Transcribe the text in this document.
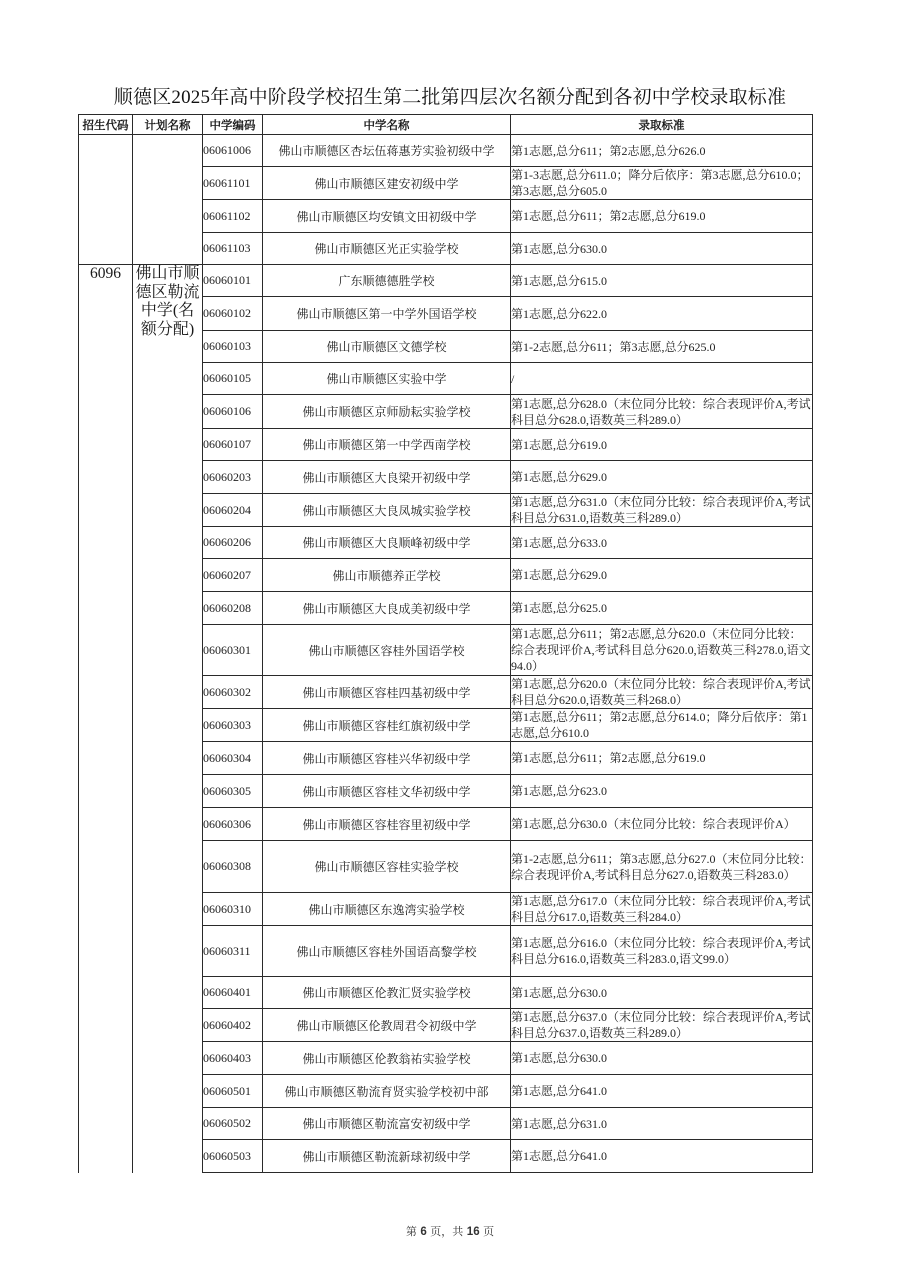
顺德区2025年高中阶段学校招生第二批第四层次名额分配到各初中学校录取标准
招生代码	计划名称	中学编码	中学名称	录取标准
		06061006	佛山市顺德区杏坛伍蒋惠芳实验初级中学	第1志愿,总分611；第2志愿,总分626.0
		06061101	佛山市顺德区建安初级中学	第1-3志愿,总分611.0；降分后依序：第3志愿,总分610.0；第3志愿,总分605.0
		06061102	佛山市顺德区均安镇文田初级中学	第1志愿,总分611；第2志愿,总分619.0
		06061103	佛山市顺德区光正实验学校	第1志愿,总分630.0
6096	佛山市顺德区勒流中学(名额分配)	06060101	广东顺德德胜学校	第1志愿,总分615.0
		06060102	佛山市顺德区第一中学外国语学校	第1志愿,总分622.0
		06060103	佛山市顺德区文德学校	第1-2志愿,总分611；第3志愿,总分625.0
		06060105	佛山市顺德区实验中学	/
		06060106	佛山市顺德区京师励耘实验学校	第1志愿,总分628.0（末位同分比较：综合表现评价A,考试科目总分628.0,语数英三科289.0）
		06060107	佛山市顺德区第一中学西南学校	第1志愿,总分619.0
		06060203	佛山市顺德区大良梁开初级中学	第1志愿,总分629.0
		06060204	佛山市顺德区大良凤城实验学校	第1志愿,总分631.0（末位同分比较：综合表现评价A,考试科目总分631.0,语数英三科289.0）
		06060206	佛山市顺德区大良顺峰初级中学	第1志愿,总分633.0
		06060207	佛山市顺德养正学校	第1志愿,总分629.0
		06060208	佛山市顺德区大良成美初级中学	第1志愿,总分625.0
		06060301	佛山市顺德区容桂外国语学校	第1志愿,总分611；第2志愿,总分620.0（末位同分比较：综合表现评价A,考试科目总分620.0,语数英三科278.0,语文94.0）
		06060302	佛山市顺德区容桂四基初级中学	第1志愿,总分620.0（末位同分比较：综合表现评价A,考试科目总分620.0,语数英三科268.0）
		06060303	佛山市顺德区容桂红旗初级中学	第1志愿,总分611；第2志愿,总分614.0；降分后依序：第1志愿,总分610.0
		06060304	佛山市顺德区容桂兴华初级中学	第1志愿,总分611；第2志愿,总分619.0
		06060305	佛山市顺德区容桂文华初级中学	第1志愿,总分623.0
		06060306	佛山市顺德区容桂容里初级中学	第1志愿,总分630.0（末位同分比较：综合表现评价A）
		06060308	佛山市顺德区容桂实验学校	第1-2志愿,总分611；第3志愿,总分627.0（末位同分比较：综合表现评价A,考试科目总分627.0,语数英三科283.0）
		06060310	佛山市顺德区东逸湾实验学校	第1志愿,总分617.0（末位同分比较：综合表现评价A,考试科目总分617.0,语数英三科284.0）
		06060311	佛山市顺德区容桂外国语高黎学校	第1志愿,总分616.0（末位同分比较：综合表现评价A,考试科目总分616.0,语数英三科283.0,语文99.0）
		06060401	佛山市顺德区伦教汇贤实验学校	第1志愿,总分630.0
		06060402	佛山市顺德区伦教周君令初级中学	第1志愿,总分637.0（末位同分比较：综合表现评价A,考试科目总分637.0,语数英三科289.0）
		06060403	佛山市顺德区伦教翁祐实验学校	第1志愿,总分630.0
		06060501	佛山市顺德区勒流育贤实验学校初中部	第1志愿,总分641.0
		06060502	佛山市顺德区勒流富安初级中学	第1志愿,总分631.0
		06060503	佛山市顺德区勒流新球初级中学	第1志愿,总分641.0
第 6 页，共 16 页
